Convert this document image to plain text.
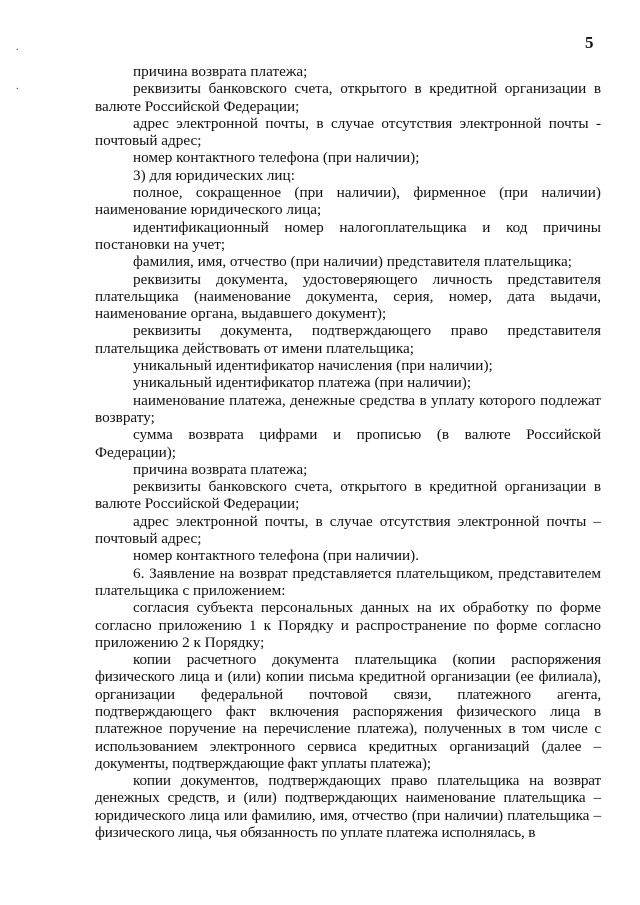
.
.
5

причина возврата платежа;

реквизиты банковского счета, открытого в кредитной организации в валюте Российской Федерации;

адрес электронной почты, в случае отсутствия электронной почты - почтовый адрес;

номер контактного телефона (при наличии);

3) для юридических лиц:

полное, сокращенное (при наличии), фирменное (при наличии) наименование юридического лица;

идентификационный номер налогоплательщика и код причины постановки на учет;

фамилия, имя, отчество (при наличии) представителя плательщика;

реквизиты документа, удостоверяющего личность представителя плательщика (наименование документа, серия, номер, дата выдачи, наименование органа, выдавшего документ);

реквизиты документа, подтверждающего право представителя плательщика действовать от имени плательщика;

уникальный идентификатор начисления (при наличии);

уникальный идентификатор платежа (при наличии);

наименование платежа, денежные средства в уплату которого подлежат возврату;

сумма возврата цифрами и прописью (в валюте Российской Федерации);

причина возврата платежа;

реквизиты банковского счета, открытого в кредитной организации в валюте Российской Федерации;

адрес электронной почты, в случае отсутствия электронной почты – почтовый адрес;

номер контактного телефона (при наличии).

6. Заявление на возврат представляется плательщиком, представителем плательщика с приложением:

согласия субъекта персональных данных на их обработку по форме согласно приложению 1 к Порядку и распространение по форме согласно приложению 2 к Порядку;

копии расчетного документа плательщика (копии распоряжения физического лица и (или) копии письма кредитной организации (ее филиала), организации федеральной почтовой связи, платежного агента, подтверждающего факт включения распоряжения физического лица в платежное поручение на перечисление платежа), полученных в том числе с использованием электронного сервиса кредитных организаций (далее – документы, подтверждающие факт уплаты платежа);

копии документов, подтверждающих право плательщика на возврат денежных средств, и (или) подтверждающих наименование плательщика – юридического лица или фамилию, имя, отчество (при наличии) плательщика – физического лица, чья обязанность по уплате платежа исполнялась, в
